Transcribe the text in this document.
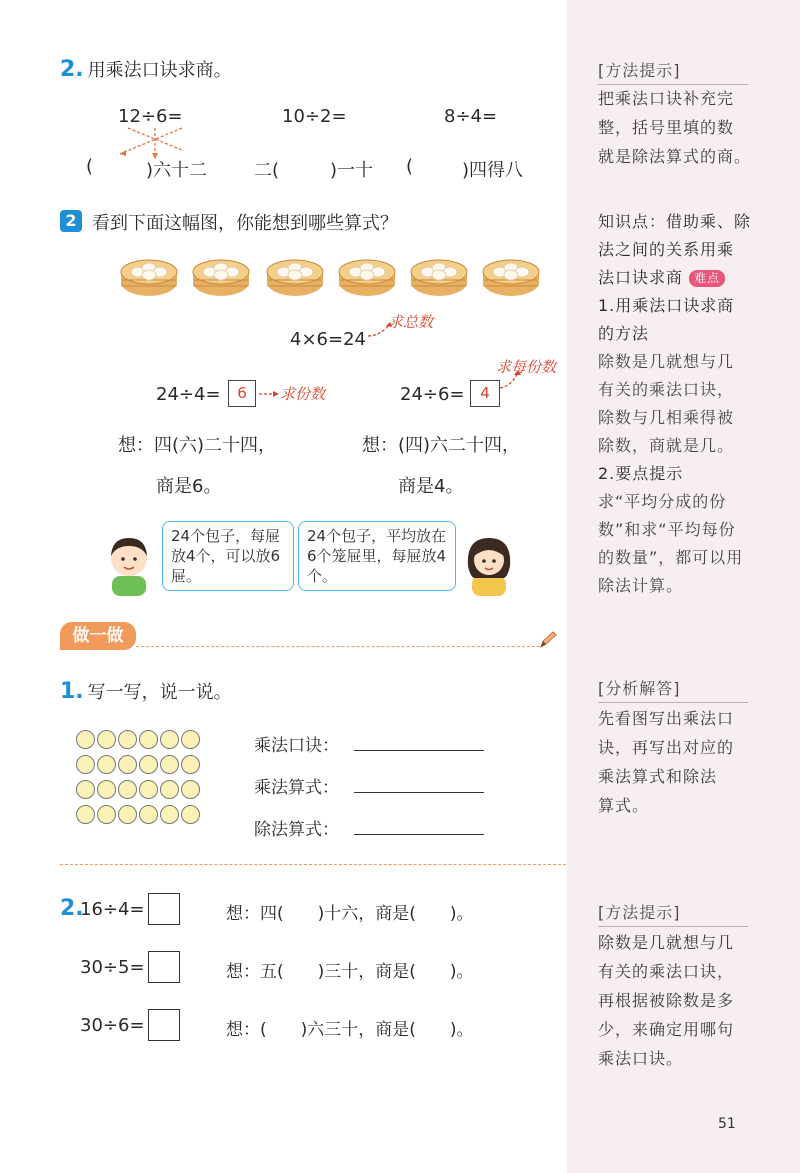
[方法提示]
把乘法口诀补充完
整，括号里填的数
就是除法算式的商。
知识点：借助乘、除
法之间的关系用乘
法口诀求商 难点
1.用乘法口诀求商
的方法
除数是几就想与几
有关的乘法口诀，
除数与几相乘得被
除数，商就是几。
2.要点提示
求“平均分成的份
数”和求“平均每份
的数量”，都可以用
除法计算。
[分析解答]
先看图写出乘法口
诀，再写出对应的
乘法算式和除法
算式。
[方法提示]
除数是几就想与几
有关的乘法口诀，
再根据被除数是多
少，来确定用哪句
乘法口诀。
51
2. 用乘法口诀求商。
12÷6=	10÷2=	8÷4=
(	)六十二	二(	)一十 (	)四得八
2 看到下面这幅图，你能想到哪些算式？
4×6=24
求总数
24÷4=	6	求份数	24÷6=	4
求每份数
想：四(六)二十四，
商是6。
想：(四)六二十四，
商是4。
24个包子，每屉放4个，可以放6屉。
24个包子，平均放在6个笼屉里，每屉放4个。
做一做
1. 写一写，说一说。
乘法口诀：
乘法算式：
除法算式：
2.
16÷4=	想：四(　　)十六，商是(　　)。
30÷5=	想：五(　　)三十，商是(　　)。
30÷6=	想：(　　)六三十，商是(　　)。
